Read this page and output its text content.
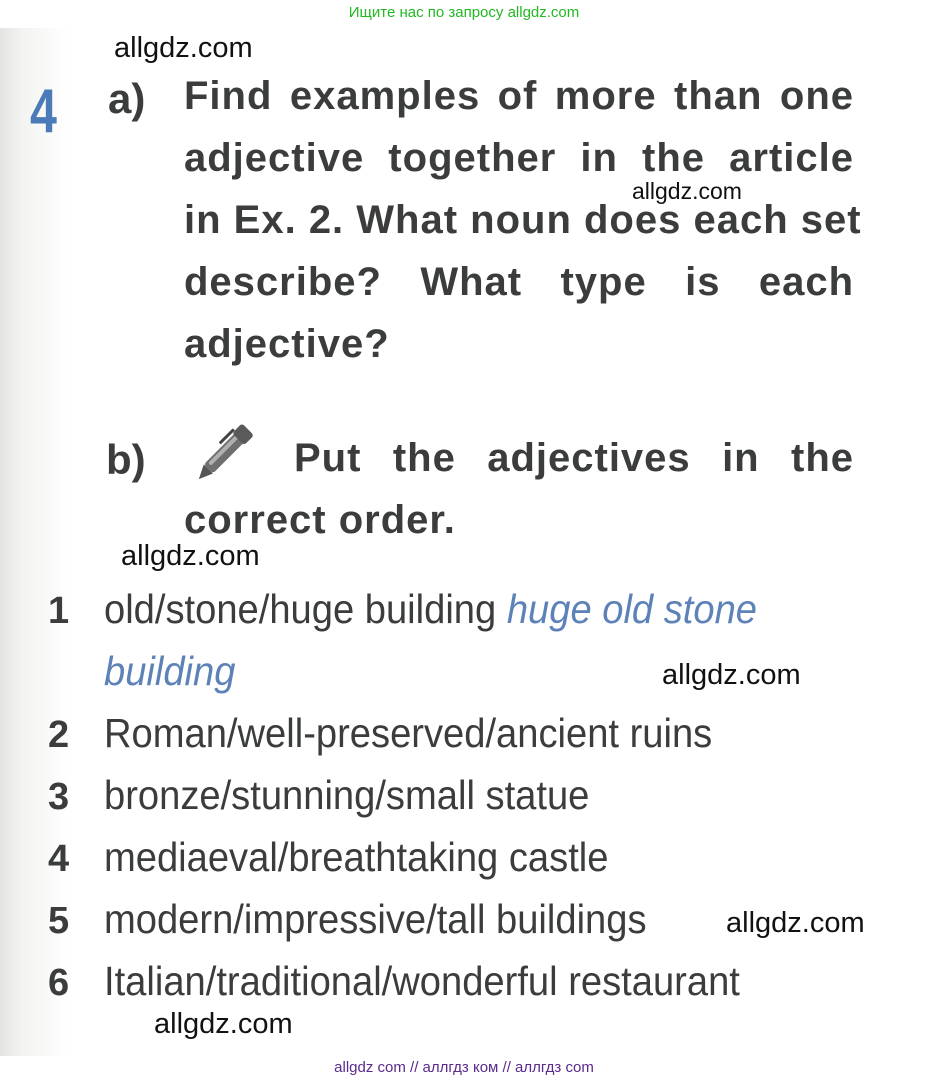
Ищите нас по запросу allgdz.com
allgdz.com
allgdz.com
allgdz.com
allgdz.com
allgdz.com
allgdz.com
4 a) Find examples of more than one
adjective together in the article
in Ex. 2. What noun does each set
describe? What type is each
adjective?
b)	Put the adjectives in the
correct order.
1 old/stone/huge building huge old stone
building
2 Roman/well-preserved/ancient ruins
3 bronze/stunning/small statue
4 mediaeval/breathtaking castle
5 modern/impressive/tall buildings
6 Italian/traditional/wonderful restaurant
allgdz com // аллгдз ком // аллгдз com
